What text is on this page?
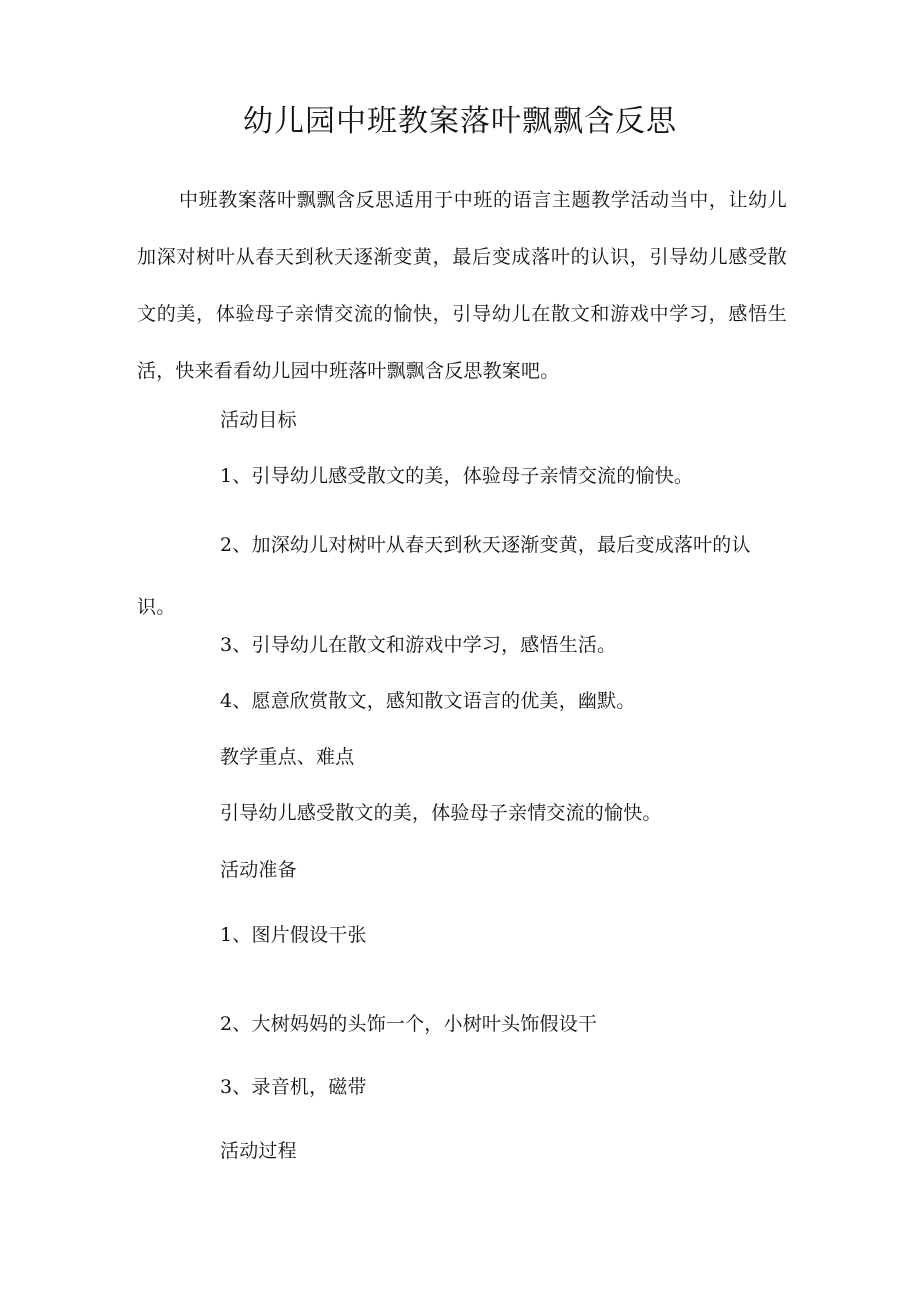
幼儿园中班教案落叶飘飘含反思
中班教案落叶飘飘含反思适用于中班的语言主题教学活动当中，让幼儿加深对树叶从春天到秋天逐渐变黄，最后变成落叶的认识，引导幼儿感受散文的美，体验母子亲情交流的愉快，引导幼儿在散文和游戏中学习，感悟生活，快来看看幼儿园中班落叶飘飘含反思教案吧。
活动目标
1、引导幼儿感受散文的美，体验母子亲情交流的愉快。
2、加深幼儿对树叶从春天到秋天逐渐变黄，最后变成落叶的认识。
3、引导幼儿在散文和游戏中学习，感悟生活。
4、愿意欣赏散文，感知散文语言的优美，幽默。
教学重点、难点
引导幼儿感受散文的美，体验母子亲情交流的愉快。
活动准备
1、图片假设干张
2、大树妈妈的头饰一个，小树叶头饰假设干
3、录音机，磁带
活动过程
